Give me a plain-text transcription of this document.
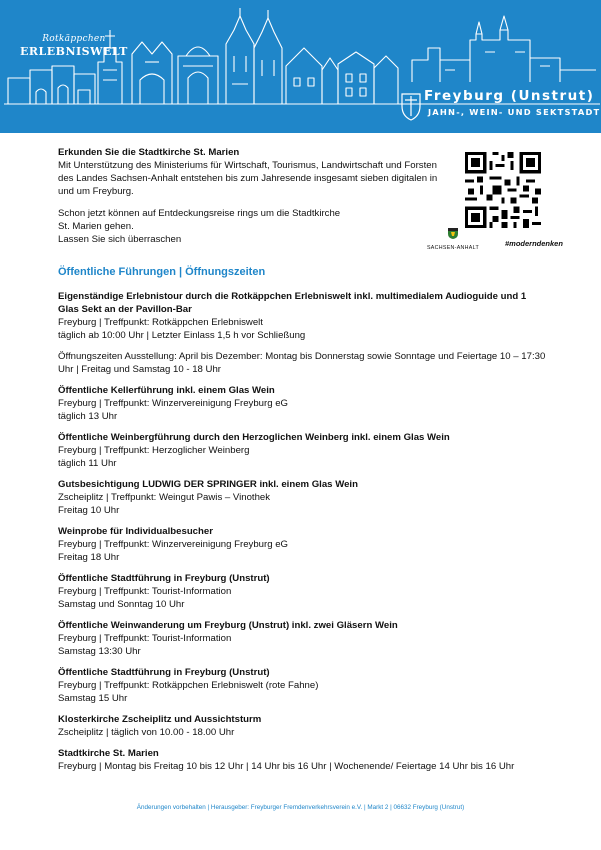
Rotkäppchen
ERLEBNISWELT
Freyburg (Unstrut)
JAHN-, WEIN- UND SEKTSTADT
SACHSEN-ANHALT	#moderndenken
Erkunden Sie die Stadtkirche St. Marien

Mit Unterstützung des Ministeriums für Wirtschaft, Tourismus, Landwirtschaft und Forsten des Landes Sachsen-Anhalt entstehen bis zum Jahresende insgesamt sieben digitalen in und um Freyburg.

Schon jetzt können auf Entdeckungsreise rings um die Stadtkirche
St. Marien gehen.
Lassen Sie sich überraschen

Öffentliche Führungen | Öffnungszeiten
Eigenständige Erlebnistour durch die Rotkäppchen Erlebniswelt inkl. multimedialem Audioguide und 1 Glas Sekt an der Pavillon-Bar
Freyburg | Treffpunkt: Rotkäppchen Erlebniswelt
täglich ab 10:00 Uhr | Letzter Einlass 1,5 h vor Schließung
Öffnungszeiten Ausstellung: April bis Dezember: Montag bis Donnerstag sowie Sonntage und Feiertage 10 – 17:30 Uhr | Freitag und Samstag 10 - 18 Uhr
Öffentliche Kellerführung inkl. einem Glas Wein
Freyburg | Treffpunkt: Winzervereinigung Freyburg eG
täglich 13 Uhr
Öffentliche Weinbergführung durch den Herzoglichen Weinberg inkl. einem Glas Wein
Freyburg | Treffpunkt: Herzoglicher Weinberg
täglich 11 Uhr
Gutsbesichtigung LUDWIG DER SPRINGER inkl. einem Glas Wein
Zscheiplitz | Treffpunkt: Weingut Pawis – Vinothek
Freitag 10 Uhr
Weinprobe für Individualbesucher
Freyburg | Treffpunkt: Winzervereinigung Freyburg eG
Freitag 18 Uhr
Öffentliche Stadtführung in Freyburg (Unstrut)
Freyburg | Treffpunkt: Tourist-Information
Samstag und Sonntag 10 Uhr
Öffentliche Weinwanderung um Freyburg (Unstrut) inkl. zwei Gläsern Wein
Freyburg | Treffpunkt: Tourist-Information
Samstag 13:30 Uhr
Öffentliche Stadtführung in Freyburg (Unstrut)
Freyburg | Treffpunkt: Rotkäppchen Erlebniswelt (rote Fahne)
Samstag 15 Uhr
Klosterkirche Zscheiplitz und Aussichtsturm
Zscheiplitz | täglich von 10.00 - 18.00 Uhr
Stadtkirche St. Marien
Freyburg | Montag bis Freitag 10 bis 12 Uhr | 14 Uhr bis 16 Uhr | Wochenende/ Feiertage 14 Uhr bis 16 Uhr
Änderungen vorbehalten | Herausgeber: Freyburger Fremdenverkehrsverein e.V. | Markt 2 | 06632 Freyburg (Unstrut)
